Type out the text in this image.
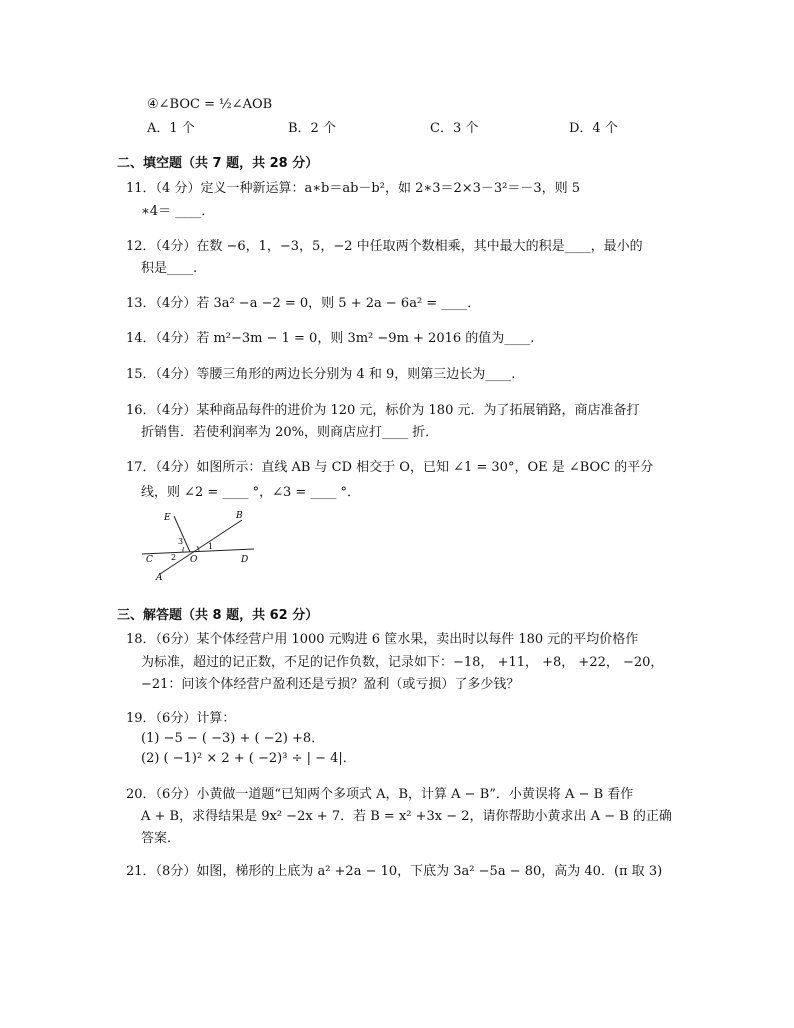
④∠BOC = ½∠AOB
A．1 个	B．2 个	C．3 个	D．4 个
二、填空题（共 7 题，共 28 分）
11．（4 分）定义一种新运算：a∗b＝ab－b²，如 2∗3＝2×3－3²＝－3，则 5
∗4＝ ____．
12．（4分）在数 −6，1，−3，5，−2 中任取两个数相乘，其中最大的积是____，最小的
积是____.
13．（4分）若 3a² −a −2 = 0，则 5 + 2a − 6a² = ____．
14．（4分）若 m²−3m − 1 = 0，则 3m² −9m + 2016 的值为____.
15．（4分）等腰三角形的两边长分别为 4 和 9，则第三边长为____.
16．（4分）某种商品每件的进价为 120 元，标价为 180 元．为了拓展销路，商店准备打
折销售．若使利润率为 20%，则商店应打____ 折．
17．（4分）如图所示：直线 AB 与 CD 相交于 O，已知 ∠1 = 30°，OE 是 ∠BOC 的平分
线，则 ∠2 = ____ °，∠3 = ____ °．
E	B
C	D
A
O
1
2
3
三、解答题（共 8 题，共 62 分）
18．（6分）某个体经营户用 1000 元购进 6 筐水果，卖出时以每件 180 元的平均价格作
为标准，超过的记正数，不足的记作负数，记录如下：−18， +11， +8， +22， −20，
−21：问该个体经营户盈利还是亏损？盈利（或亏损）了多少钱？
19．（6分）计算：
(1) −5 − ( −3) + ( −2) +8．
(2) ( −1)² × 2 + ( −2)³ ÷ | − 4|．
20．（6分）小黄做一道题“已知两个多项式 A，B，计算 A − B”．小黄误将 A − B 看作
A + B，求得结果是 9x² −2x + 7．若 B = x² +3x − 2，请你帮助小黄求出 A − B 的正确
答案．
21．（8分）如图，梯形的上底为 a² +2a − 10，下底为 3a² −5a − 80，高为 40．(π 取 3)
